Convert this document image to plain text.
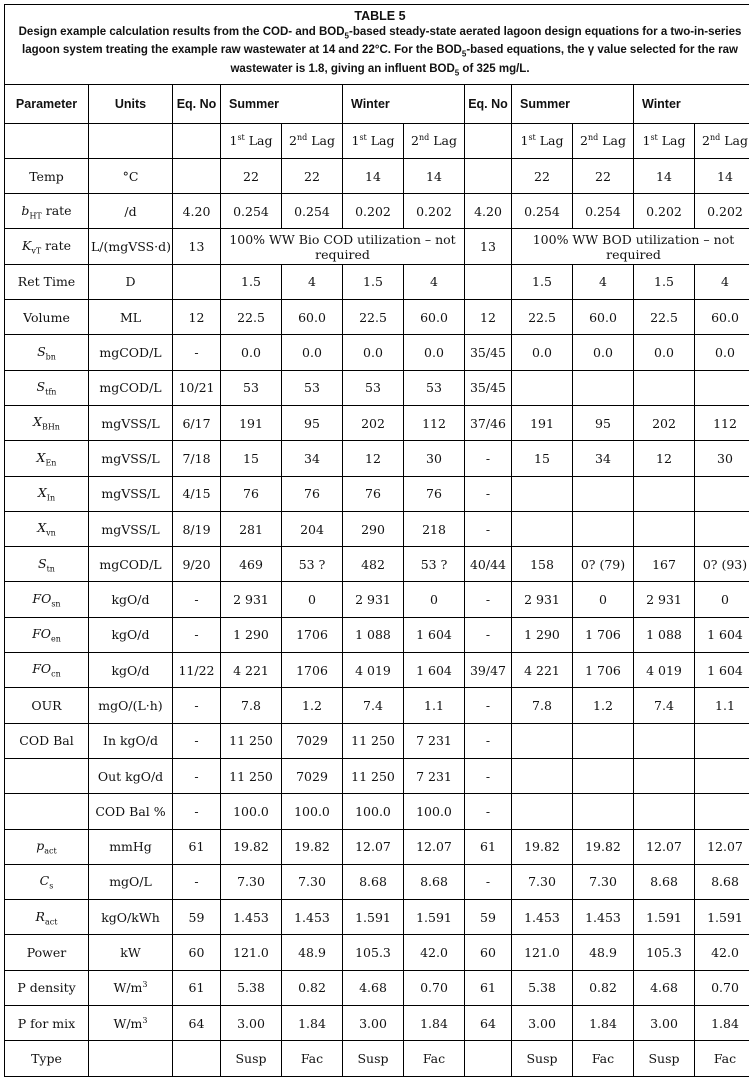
TABLE 5
Design example calculation results from the COD- and $BOD_5$-based steady-state aerated lagoon design equations for a two-in-series lagoon system treating the example raw wastewater at 14 and 22°C. For the $BOD_5$-based equations, the γ value selected for the raw wastewater is 1.8, giving an influent $BOD_5$ of 325 mg/L.											
Parameter	Units	Eq. No	Summer		Winter		Eq. No	Summer		Winter	
			1st Lag	2nd Lag	1st Lag	2nd Lag		1st Lag	2nd Lag	1st Lag	2nd Lag
Temp	°C		22	22	14	14		22	22	14	14
$b_{HT}$ rate	/d	4.20	0.254	0.254	0.202	0.202	4.20	0.254	0.254	0.202	0.202
$K_{vT}$ rate	L/(mgVSS·d)	13	100% WW Bio COD utilization – not required				13	100% WW BOD utilization – not required			
Ret Time	D		1.5	4	1.5	4		1.5	4	1.5	4
Volume	ML	12	22.5	60.0	22.5	60.0	12	22.5	60.0	22.5	60.0
$S_{bn}$	mgCOD/L	-	0.0	0.0	0.0	0.0	35/45	0.0	0.0	0.0	0.0
$S_{tfn}$	mgCOD/L	10/21	53	53	53	53	35/45				
$X_{BHn}$	mgVSS/L	6/17	191	95	202	112	37/46	191	95	202	112
$X_{En}$	mgVSS/L	7/18	15	34	12	30	-	15	34	12	30
$X_{In}$	mgVSS/L	4/15	76	76	76	76	-				
$X_{vn}$	mgVSS/L	8/19	281	204	290	218	-				
$S_{tn}$	mgCOD/L	9/20	469	53 ?	482	53 ?	40/44	158	0? (79)	167	0? (93)
$FO_{sn}$	kgO/d	-	2 931	0	2 931	0	-	2 931	0	2 931	0
$FO_{en}$	kgO/d	-	1 290	1706	1 088	1 604	-	1 290	1 706	1 088	1 604
$FO_{cn}$	kgO/d	11/22	4 221	1706	4 019	1 604	39/47	4 221	1 706	4 019	1 604
OUR	mgO/(L·h)	-	7.8	1.2	7.4	1.1	-	7.8	1.2	7.4	1.1
COD Bal	In kgO/d	-	11 250	7029	11 250	7 231	-				
	Out kgO/d	-	11 250	7029	11 250	7 231	-				
	COD Bal %	-	100.0	100.0	100.0	100.0	-				
$p_{act}$	mmHg	61	19.82	19.82	12.07	12.07	61	19.82	19.82	12.07	12.07
$C_s$	mgO/L	-	7.30	7.30	8.68	8.68	-	7.30	7.30	8.68	8.68
$R_{act}$	kgO/kWh	59	1.453	1.453	1.591	1.591	59	1.453	1.453	1.591	1.591
Power	kW	60	121.0	48.9	105.3	42.0	60	121.0	48.9	105.3	42.0
P density	$W/m^3$	61	5.38	0.82	4.68	0.70	61	5.38	0.82	4.68	0.70
P for mix	$W/m^3$	64	3.00	1.84	3.00	1.84	64	3.00	1.84	3.00	1.84
Type			Susp	Fac	Susp	Fac		Susp	Fac	Susp	Fac
